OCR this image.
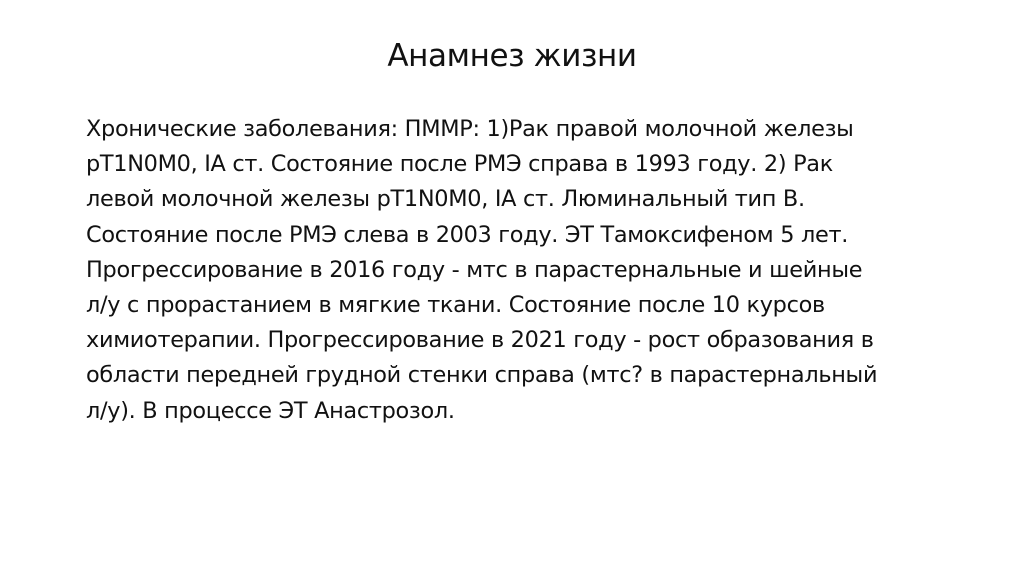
Анамнез жизни
Хронические заболевания: ПММР: 1)Рак правой молочной железы
pT1N0M0, IA ст. Состояние после РМЭ справа в 1993 году. 2) Рак
левой молочной железы pT1N0M0, IA ст. Люминальный тип В.
Состояние после РМЭ слева в 2003 году. ЭТ Тамоксифеном 5 лет.
Прогрессирование в 2016 году - мтс в парастернальные и шейные
л/у с прорастанием в мягкие ткани. Состояние после 10 курсов
химиотерапии. Прогрессирование в 2021 году - рост образования в
области передней грудной стенки справа (мтс? в парастернальный
л/у). В процессе ЭТ Анастрозол.
